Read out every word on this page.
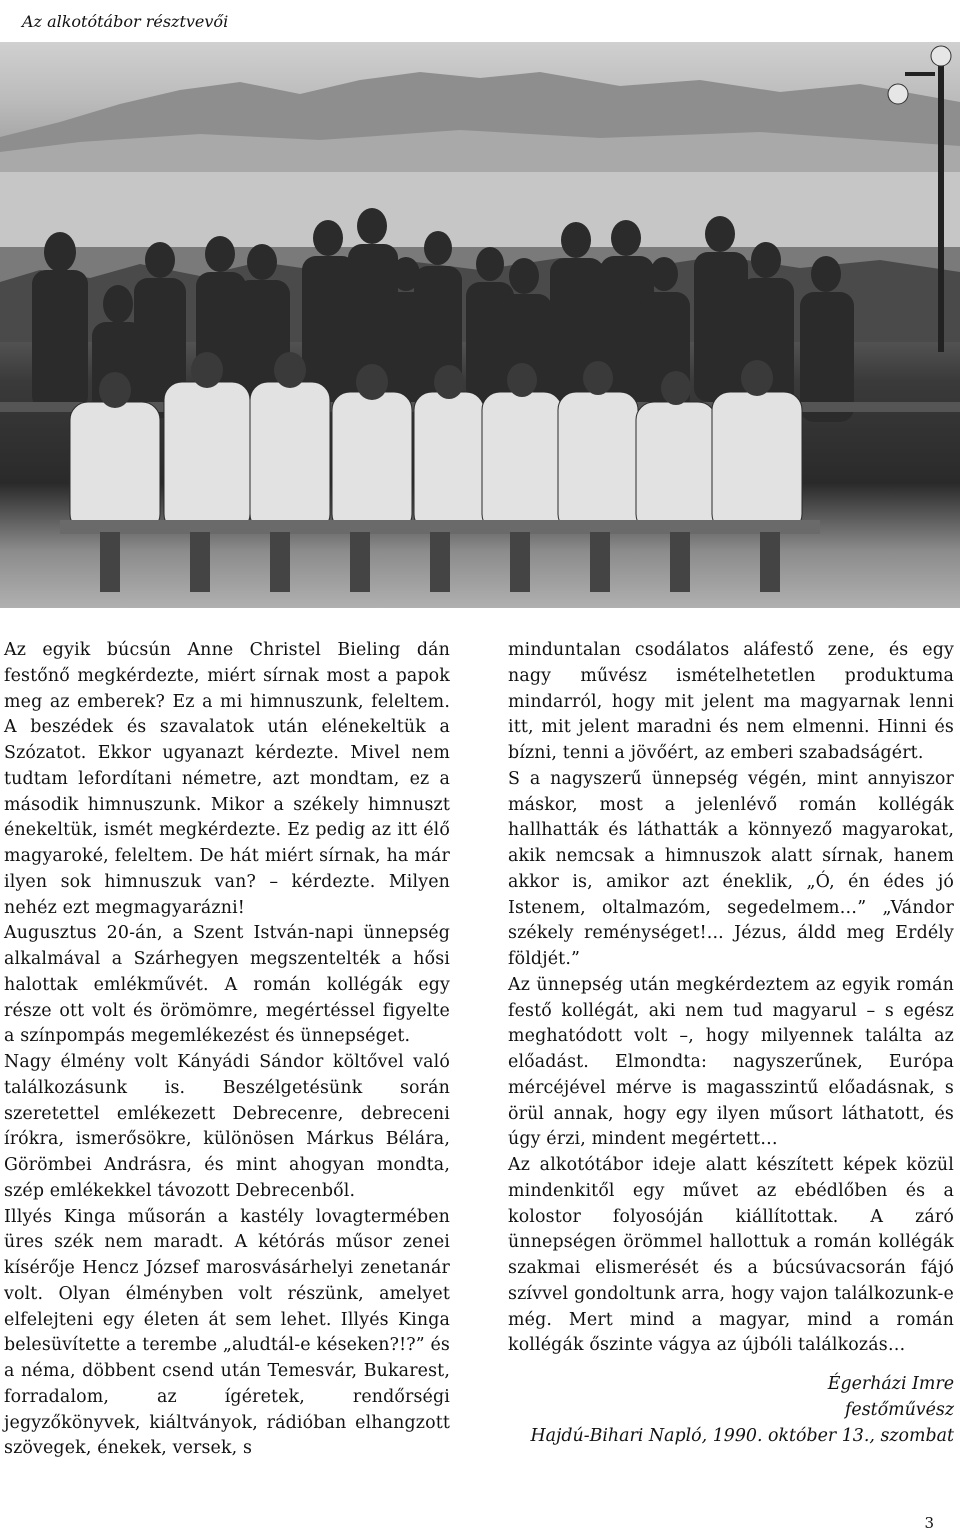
Az alkotótábor résztvevői

Az egyik búcsún Anne Christel Bieling dán festőnő megkérdezte, miért sírnak most a papok meg az emberek? Ez a mi himnuszunk, feleltem. A beszédek és szavalatok után elénekeltük a Szózatot. Ekkor ugyanazt kérdezte. Mivel nem tudtam lefordítani németre, azt mondtam, ez a második himnuszunk. Mikor a székely himnuszt énekeltük, ismét megkérdezte. Ez pedig az itt élő magyaroké, feleltem. De hát miért sírnak, ha már ilyen sok himnuszuk van? – kérdezte. Milyen nehéz ezt megmagyarázni!

Augusztus 20-án, a Szent István-napi ünnepség alkalmával a Szárhegyen megszentelték a hősi halottak emlékművét. A román kollégák egy része ott volt és örömömre, megértéssel figyelte a színpompás megemlékezést és ünnepséget.

Nagy élmény volt Kányádi Sándor költővel való találkozásunk is. Beszélgetésünk során szeretettel emlékezett Debrecenre, debreceni írókra, ismerősökre, különösen Márkus Bélára, Görömbei Andrásra, és mint ahogyan mondta, szép emlékekkel távozott Debrecenből.

Illyés Kinga műsorán a kastély lovagtermében üres szék nem maradt. A kétórás műsor zenei kísérője Hencz József marosvásárhelyi zenetanár volt. Olyan élményben volt részünk, amelyet elfelejteni egy életen át sem lehet. Illyés Kinga belesüvítette a terembe „aludtál-e késeken?!?” és a néma, döbbent csend után Temesvár, Bukarest, forradalom, az ígéretek, rendőrségi jegyzőkönyvek, kiáltványok, rádióban elhangzott szövegek, énekek, versek, s

minduntalan csodálatos aláfestő zene, és egy nagy művész ismételhetetlen produktuma mindarról, hogy mit jelent ma magyarnak lenni itt, mit jelent maradni és nem elmenni. Hinni és bízni, tenni a jövőért, az emberi szabadságért.

S a nagyszerű ünnepség végén, mint annyiszor máskor, most a jelenlévő román kollégák hallhatták és láthatták a könnyező magyarokat, akik nemcsak a himnuszok alatt sírnak, hanem akkor is, amikor azt éneklik, „Ó, én édes jó Istenem, oltalmazóm, segedelmem…” „Vándor székely reménységet!... Jézus, áldd meg Erdély földjét.”

Az ünnepség után megkérdeztem az egyik román festő kollégát, aki nem tud magyarul – s egész meghatódott volt –, hogy milyennek találta az előadást. Elmondta: nagyszerűnek, Európa mércéjével mérve is magasszintű előadásnak, s örül annak, hogy egy ilyen műsort láthatott, és úgy érzi, mindent megértett…

Az alkotótábor ideje alatt készített képek közül mindenkitől egy művet az ebédlőben és a kolostor folyosóján kiállítottak. A záró ünnepségen örömmel hallottuk a román kollégák szakmai elismerését és a búcsúvacsorán fájó szívvel gondoltunk arra, hogy vajon találkozunk-e még. Mert mind a magyar, mind a román kollégák őszinte vágya az újbóli találkozás…

Égerházi Imre
festőművész
Hajdú-Bihari Napló, 1990. október 13., szombat
3
